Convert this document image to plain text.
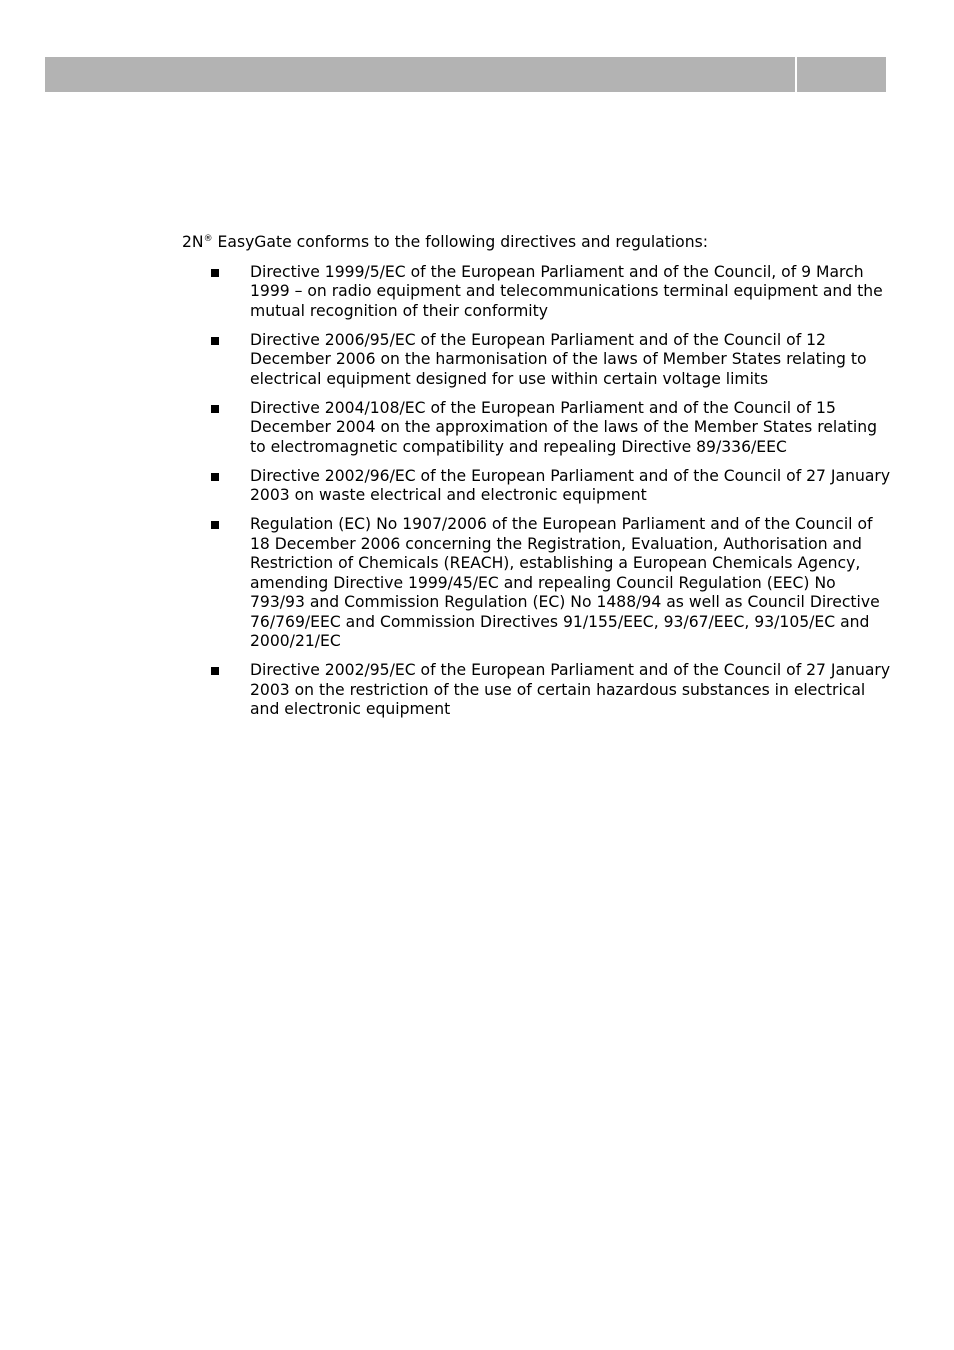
2N® EasyGate conforms to the following directives and regulations:

Directive 1999/5/EC of the European Parliament and of the Council, of 9 March 1999 – on radio equipment and telecommunications terminal equipment and the mutual recognition of their conformity
Directive 2006/95/EC of the European Parliament and of the Council of 12 December 2006 on the harmonisation of the laws of Member States relating to electrical equipment designed for use within certain voltage limits
Directive 2004/108/EC of the European Parliament and of the Council of 15 December 2004 on the approximation of the laws of the Member States relating to electromagnetic compatibility and repealing Directive 89/336/EEC
Directive 2002/96/EC of the European Parliament and of the Council of 27 January 2003 on waste electrical and electronic equipment
Regulation (EC) No 1907/2006 of the European Parliament and of the Council of 18 December 2006 concerning the Registration, Evaluation, Authorisation and Restriction of Chemicals (REACH), establishing a European Chemicals Agency, amending Directive 1999/45/EC and repealing Council Regulation (EEC) No 793/93 and Commission Regulation (EC) No 1488/94 as well as Council Directive 76/769/EEC and Commission Directives 91/155/EEC, 93/67/EEC, 93/105/EC and 2000/21/EC
Directive 2002/95/EC of the European Parliament and of the Council of 27 January 2003 on the restriction of the use of certain hazardous substances in electrical and electronic equipment
